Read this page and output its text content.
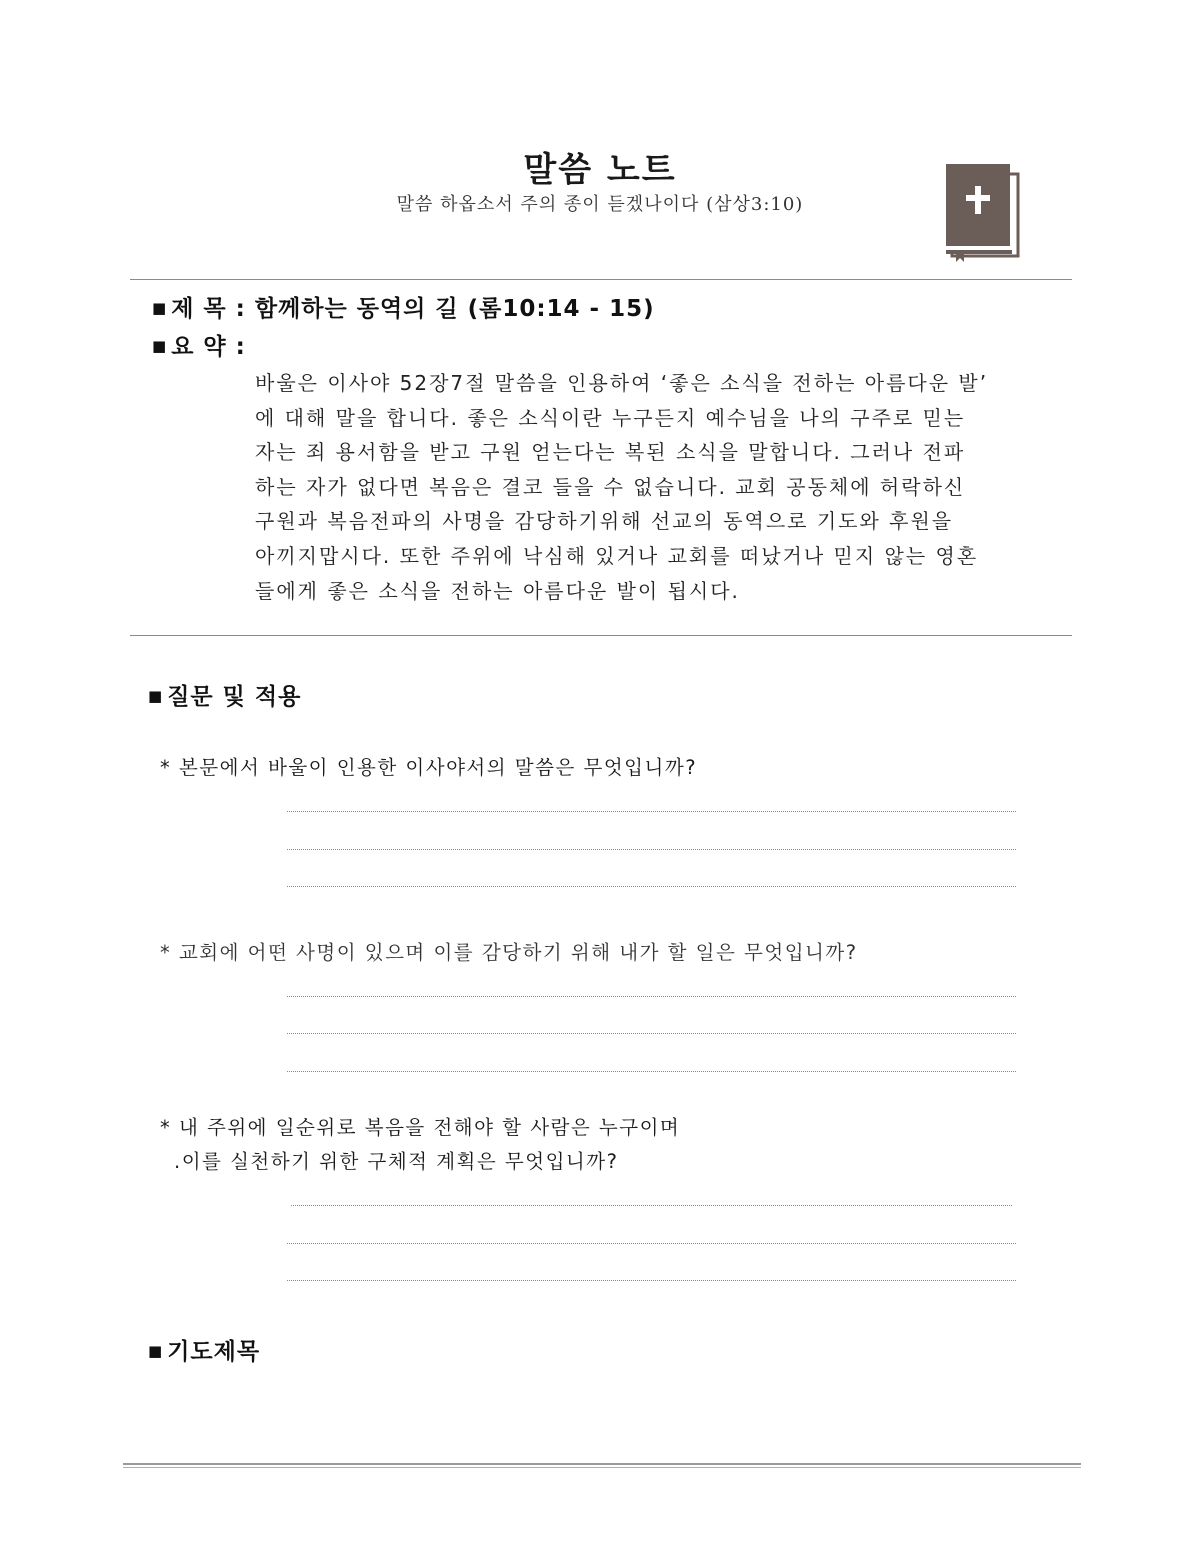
말씀 노트
말씀 하옵소서 주의 종이 듣겠나이다 (삼상3:10)
■ 제 목 : 함께하는 동역의 길 (롬10:14 - 15)
■ 요 약 :
바울은 이사야 52장7절 말씀을 인용하여 ‘좋은 소식을 전하는 아름다운 발’
에 대해 말을 합니다. 좋은 소식이란 누구든지 예수님을 나의 구주로 믿는
자는 죄 용서함을 받고 구원 얻는다는 복된 소식을 말합니다. 그러나 전파
하는 자가 없다면 복음은 결코 들을 수 없습니다. 교회 공동체에 허락하신
구원과 복음전파의 사명을 감당하기위해 선교의 동역으로 기도와 후원을
아끼지맙시다. 또한 주위에 낙심해 있거나 교회를 떠났거나 믿지 않는 영혼
들에게 좋은 소식을 전하는 아름다운 발이 됩시다.
■ 질문 및 적용
* 본문에서 바울이 인용한 이사야서의 말씀은 무엇입니까?
* 교회에 어떤 사명이 있으며 이를 감당하기 위해 내가 할 일은 무엇입니까?
* 내 주위에 일순위로 복음을 전해야 할 사람은 누구이며
.이를 실천하기 위한 구체적 계획은 무엇입니까?
■ 기도제목
